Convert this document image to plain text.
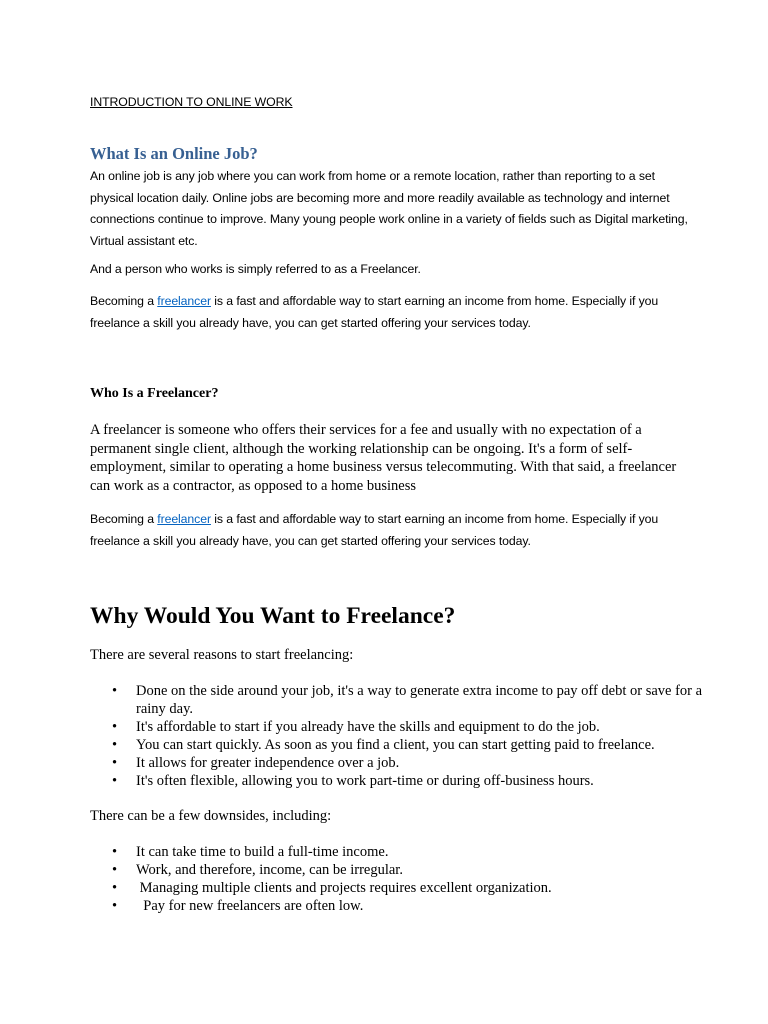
INTRODUCTION TO ONLINE WORK

What Is an Online Job?

An online job is any job where you can work from home or a remote location, rather than reporting to a set physical location daily. Online jobs are becoming more and more readily available as technology and internet connections continue to improve. Many young people work online in a variety of fields such as Digital marketing, Virtual assistant etc.

And a person who works is simply referred to as a Freelancer.

Becoming a freelancer is a fast and affordable way to start earning an income from home. Especially if you freelance a skill you already have, you can get started offering your services today.

Who Is a Freelancer?

A freelancer is someone who offers their services for a fee and usually with no expectation of a permanent single client, although the working relationship can be ongoing. It's a form of self-employment, similar to operating a home business versus telecommuting. With that said, a freelancer can work as a contractor, as opposed to a home business

Becoming a freelancer is a fast and affordable way to start earning an income from home. Especially if you freelance a skill you already have, you can get started offering your services today.

Why Would You Want to Freelance?

There are several reasons to start freelancing:

• Done on the side around your job, it's a way to generate extra income to pay off debt or save for a rainy day.
• It's affordable to start if you already have the skills and equipment to do the job.
• You can start quickly. As soon as you find a client, you can start getting paid to freelance.
• It allows for greater independence over a job.
• It's often flexible, allowing you to work part-time or during off-business hours.

There can be a few downsides, including:

• It can take time to build a full-time income.
• Work, and therefore, income, can be irregular.
• Managing multiple clients and projects requires excellent organization.
• Pay for new freelancers are often low.
